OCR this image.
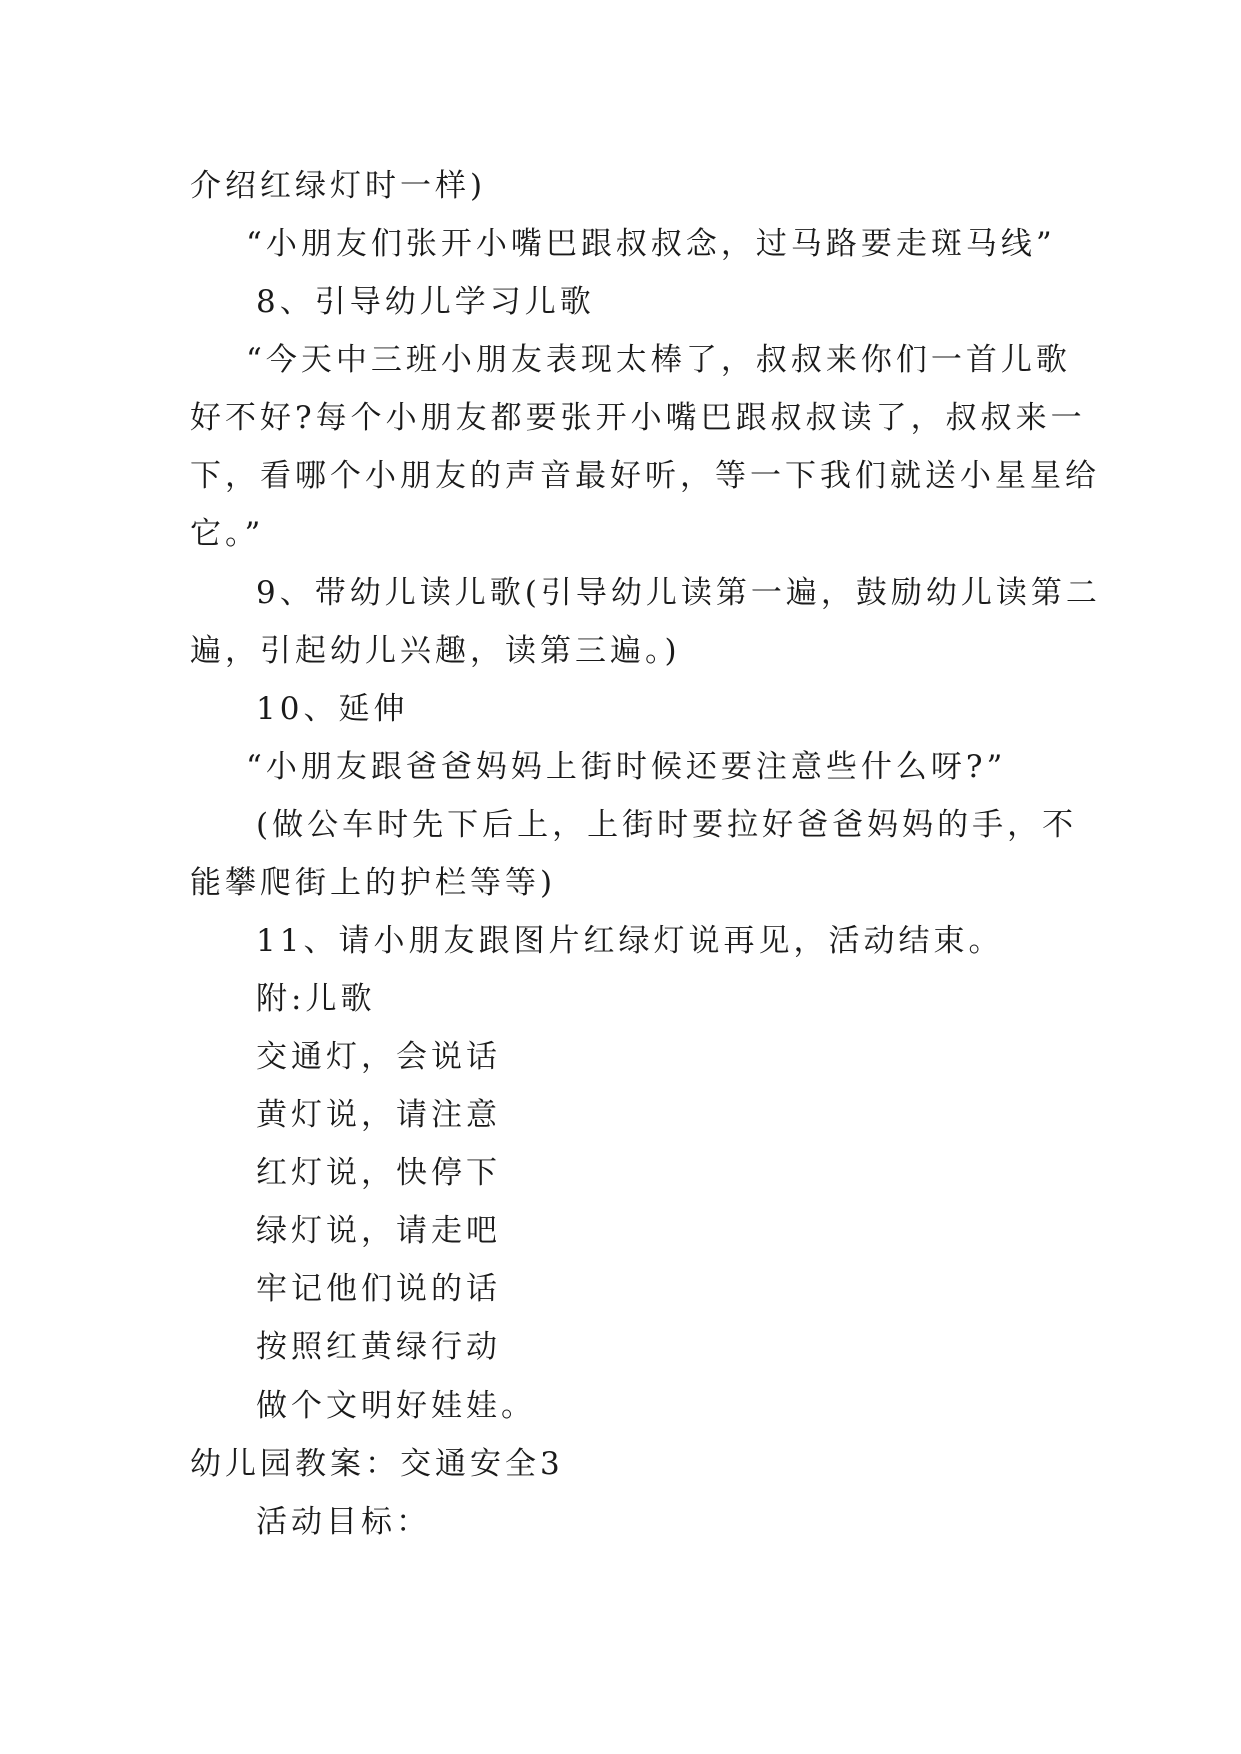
介绍红绿灯时一样)
“小朋友们张开小嘴巴跟叔叔念，过马路要走斑马线”
8、引导幼儿学习儿歌
“今天中三班小朋友表现太棒了，叔叔来你们一首儿歌
好不好?每个小朋友都要张开小嘴巴跟叔叔读了，叔叔来一
下，看哪个小朋友的声音最好听，等一下我们就送小星星给
它。”
9、带幼儿读儿歌(引导幼儿读第一遍，鼓励幼儿读第二
遍，引起幼儿兴趣，读第三遍。)
10、延伸
“小朋友跟爸爸妈妈上街时候还要注意些什么呀?”
(做公车时先下后上，上街时要拉好爸爸妈妈的手，不
能攀爬街上的护栏等等)
11、请小朋友跟图片红绿灯说再见，活动结束。
附:儿歌
交通灯，会说话
黄灯说，请注意
红灯说，快停下
绿灯说，请走吧
牢记他们说的话
按照红黄绿行动
做个文明好娃娃。
幼儿园教案：交通安全3
活动目标：
